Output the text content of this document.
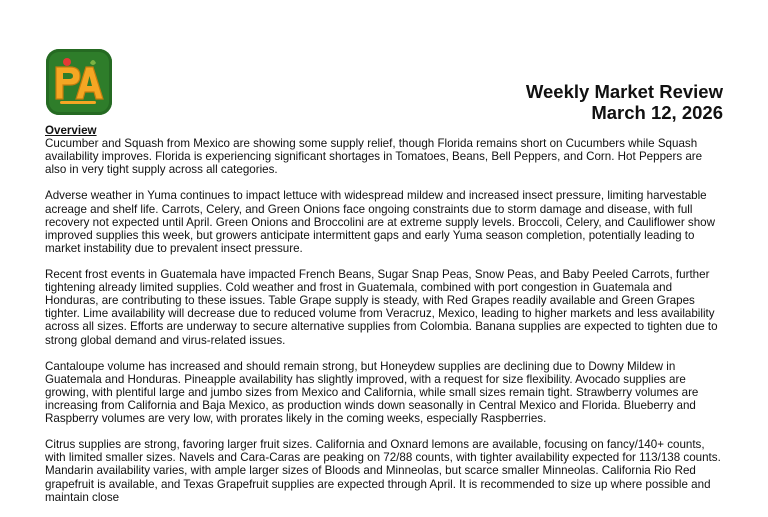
Weekly Market Review
March 12, 2026

Overview

Cucumber and Squash from Mexico are showing some supply relief, though Florida remains short on Cucumbers while Squash availability improves. Florida is experiencing significant shortages in Tomatoes, Beans, Bell Peppers, and Corn. Hot Peppers are also in very tight supply across all categories.

Adverse weather in Yuma continues to impact lettuce with widespread mildew and increased insect pressure, limiting harvestable acreage and shelf life. Carrots, Celery, and Green Onions face ongoing constraints due to storm damage and disease, with full recovery not expected until April. Green Onions and Broccolini are at extreme supply levels. Broccoli, Celery, and Cauliflower show improved supplies this week, but growers anticipate intermittent gaps and early Yuma season completion, potentially leading to market instability due to prevalent insect pressure.

Recent frost events in Guatemala have impacted French Beans, Sugar Snap Peas, Snow Peas, and Baby Peeled Carrots, further tightening already limited supplies. Cold weather and frost in Guatemala, combined with port congestion in Guatemala and Honduras, are contributing to these issues. Table Grape supply is steady, with Red Grapes readily available and Green Grapes tighter. Lime availability will decrease due to reduced volume from Veracruz, Mexico, leading to higher markets and less availability across all sizes. Efforts are underway to secure alternative supplies from Colombia. Banana supplies are expected to tighten due to strong global demand and virus-related issues.

Cantaloupe volume has increased and should remain strong, but Honeydew supplies are declining due to Downy Mildew in Guatemala and Honduras. Pineapple availability has slightly improved, with a request for size flexibility. Avocado supplies are growing, with plentiful large and jumbo sizes from Mexico and California, while small sizes remain tight. Strawberry volumes are increasing from California and Baja Mexico, as production winds down seasonally in Central Mexico and Florida. Blueberry and Raspberry volumes are very low, with prorates likely in the coming weeks, especially Raspberries.

Citrus supplies are strong, favoring larger fruit sizes. California and Oxnard lemons are available, focusing on fancy/140+ counts, with limited smaller sizes. Navels and Cara-Caras are peaking on 72/88 counts, with tighter availability expected for 113/138 counts. Mandarin availability varies, with ample larger sizes of Bloods and Minneolas, but scarce smaller Minneolas. California Rio Red grapefruit is available, and Texas Grapefruit supplies are expected through April. It is recommended to size up where possible and maintain close
